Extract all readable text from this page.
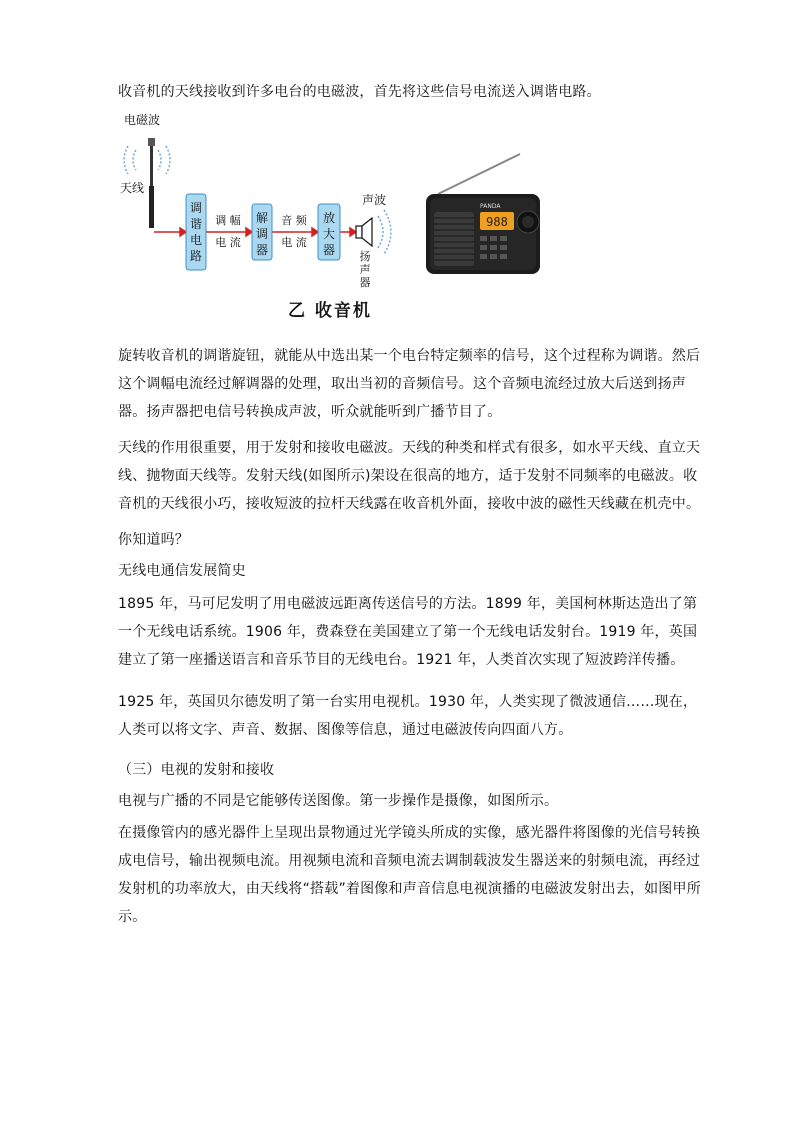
收音机的天线接收到许多电台的电磁波，首先将这些信号电流送入调谐电路。

电磁波
天线
调
谐
电
路
调 幅
电 流
解
调
器
音 频
电 流
放
大
器
声波
扬
声
器
PANDA
988
乙 收音机

旋转收音机的调谐旋钮，就能从中选出某一个电台特定频率的信号，这个过程称为调谐。然后这个调幅电流经过解调器的处理，取出当初的音频信号。这个音频电流经过放大后送到扬声器。扬声器把电信号转换成声波，听众就能听到广播节目了。

天线的作用很重要，用于发射和接收电磁波。天线的种类和样式有很多，如水平天线、直立天线、抛物面天线等。发射天线(如图所示)架设在很高的地方，适于发射不同频率的电磁波。收音机的天线很小巧，接收短波的拉杆天线露在收音机外面，接收中波的磁性天线藏在机壳中。

你知道吗？

无线电通信发展简史

1895 年，马可尼发明了用电磁波远距离传送信号的方法。1899 年，美国柯林斯达造出了第一个无线电话系统。1906 年，费森登在美国建立了第一个无线电话发射台。1919 年，英国建立了第一座播送语言和音乐节目的无线电台。1921 年，人类首次实现了短波跨洋传播。

1925 年，英国贝尔德发明了第一台实用电视机。1930 年，人类实现了微波通信……现在，人类可以将文字、声音、数据、图像等信息，通过电磁波传向四面八方。

（三）电视的发射和接收

电视与广播的不同是它能够传送图像。第一步操作是摄像，如图所示。

在摄像管内的感光器件上呈现出景物通过光学镜头所成的实像，感光器件将图像的光信号转换成电信号，输出视频电流。用视频电流和音频电流去调制载波发生器送来的射频电流，再经过发射机的功率放大，由天线将“搭载”着图像和声音信息电视演播的电磁波发射出去，如图甲所示。
